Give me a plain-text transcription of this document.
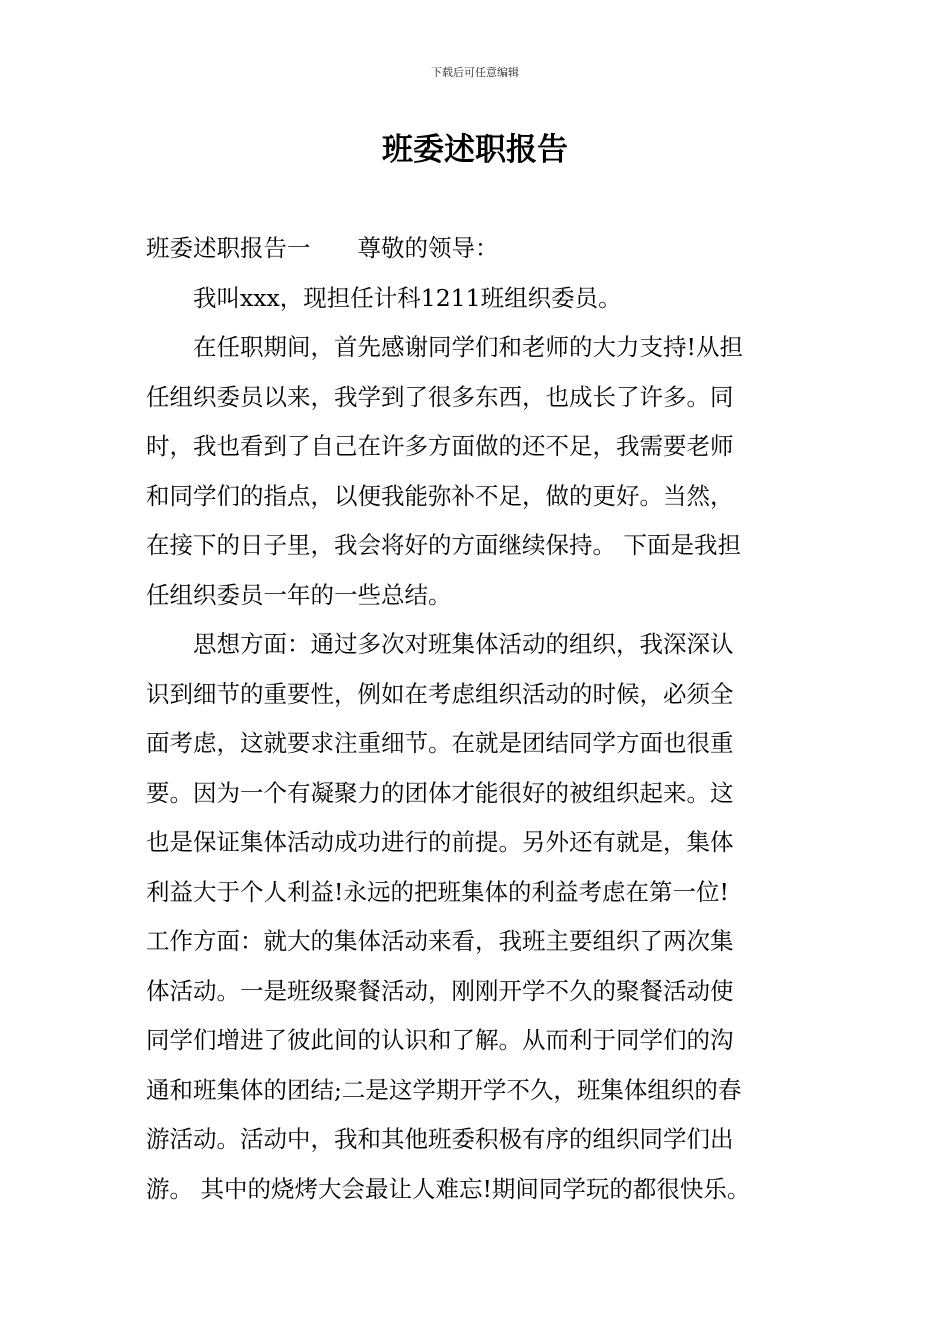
下载后可任意编辑
班委述职报告
班委述职报告一　　尊敬的领导：
　　我叫xxx，现担任计科1211班组织委员。
　　在任职期间，首先感谢同学们和老师的大力支持!从担
任组织委员以来，我学到了很多东西，也成长了许多。同
时，我也看到了自己在许多方面做的还不足，我需要老师
和同学们的指点，以便我能弥补不足，做的更好。当然，
在接下的日子里，我会将好的方面继续保持。 下面是我担
任组织委员一年的一些总结。
　　思想方面：通过多次对班集体活动的组织，我深深认
识到细节的重要性，例如在考虑组织活动的时候，必须全
面考虑，这就要求注重细节。在就是团结同学方面也很重
要。因为一个有凝聚力的团体才能很好的被组织起来。这
也是保证集体活动成功进行的前提。另外还有就是，集体
利益大于个人利益!永远的把班集体的利益考虑在第一位!
工作方面：就大的集体活动来看，我班主要组织了两次集
体活动。一是班级聚餐活动，刚刚开学不久的聚餐活动使
同学们增进了彼此间的认识和了解。从而利于同学们的沟
通和班集体的团结;二是这学期开学不久，班集体组织的春
游活动。活动中，我和其他班委积极有序的组织同学们出
游。 其中的烧烤大会最让人难忘!期间同学玩的都很快乐。
